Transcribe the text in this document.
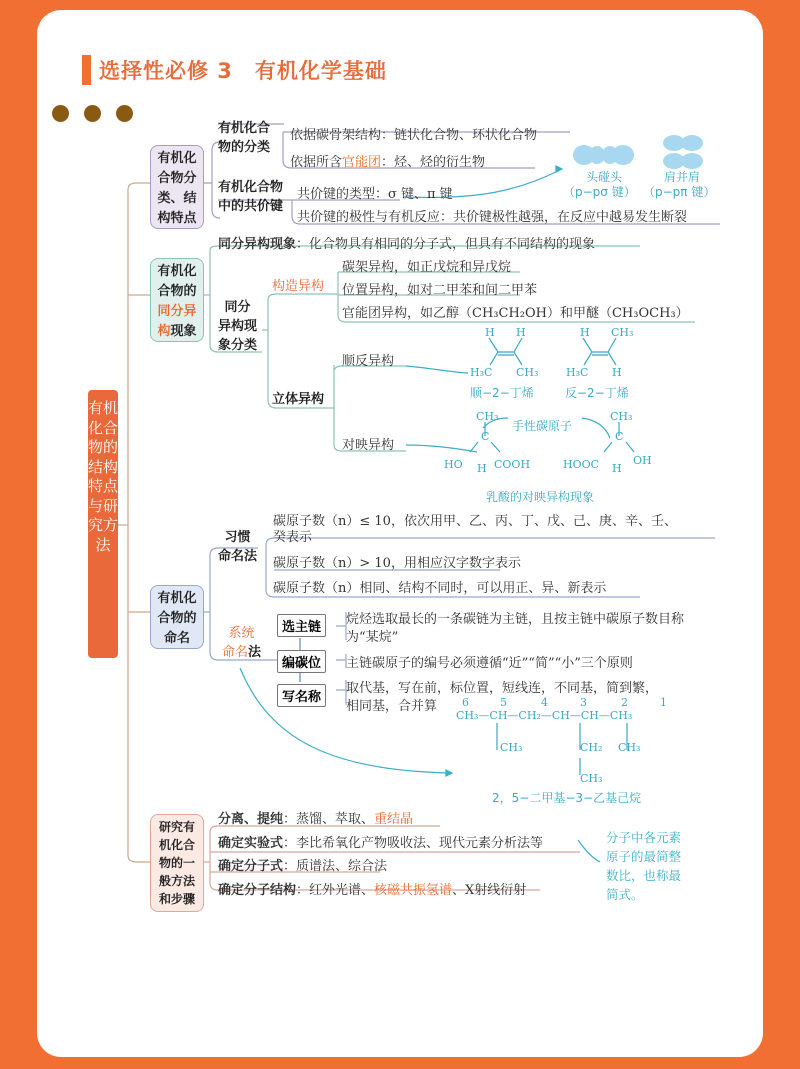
选择性必修 3　有机化学基础
有机化合物的结构特点与研究方法
有机化
合物分
类、结
构特点
有机化合
物的分类
依据碳骨架结构：链状化合物、环状化合物
依据所含官能团：烃、烃的衍生物
有机化合物
中的共价键
共价键的类型：σ 键、π 键
共价键的极性与有机反应：共价键极性越强，在反应中越易发生断裂
头碰头	肩并肩
（p−pσ 键） （p−pπ 键）
有机化
合物的
同分异
构现象
同分异构现象：化合物具有相同的分子式，但具有不同结构的现象
同分
异构现
象分类
构造异构
碳架异构，如正戊烷和异戊烷
位置异构，如对二甲苯和间二甲苯
官能团异构，如乙醇（CH₃CH₂OH）和甲醚（CH₃OCH₃）
立体异构
顺反异构
对映异构
H H
H₃C CH₃
H CH₃
H₃C H
顺−2−丁烯	反−2−丁烯
CH₃
C
HO H COOH
手性碳原子
CH₃
C
HOOC H
OH
乳酸的对映异构现象
有机化
合物的
命名
习惯
命名法
碳原子数（n）≤ 10，依次用甲、乙、丙、丁、戊、己、庚、辛、壬、
癸表示
碳原子数（n）> 10，用相应汉字数字表示
碳原子数（n）相同、结构不同时，可以用正、异、新表示
系统
命名法
选主链
编碳位
写名称
烷烃选取最长的一条碳链为主链，且按主链中碳原子数目称
为“某烷”
主链碳原子的编号必须遵循“近”“简”“小”三个原则
取代基，写在前，标位置，短线连，不同基，简到繁，
相同基，合并算 6	5	4	3	2	1
CH₃—CH—CH₂—CH—CH—CH₃
CH₃	CH₂ CH₃
CH₃
2，5−二甲基−3−乙基己烷
研究有
机化合
物的一
般方法
和步骤
分离、提纯：蒸馏、萃取、重结晶
确定实验式：李比希氧化产物吸收法、现代元素分析法等
确定分子式：质谱法、综合法
确定分子结构：红外光谱、核磁共振氢谱、X射线衍射
分子中各元素
原子的最简整
数比，也称最
简式。
